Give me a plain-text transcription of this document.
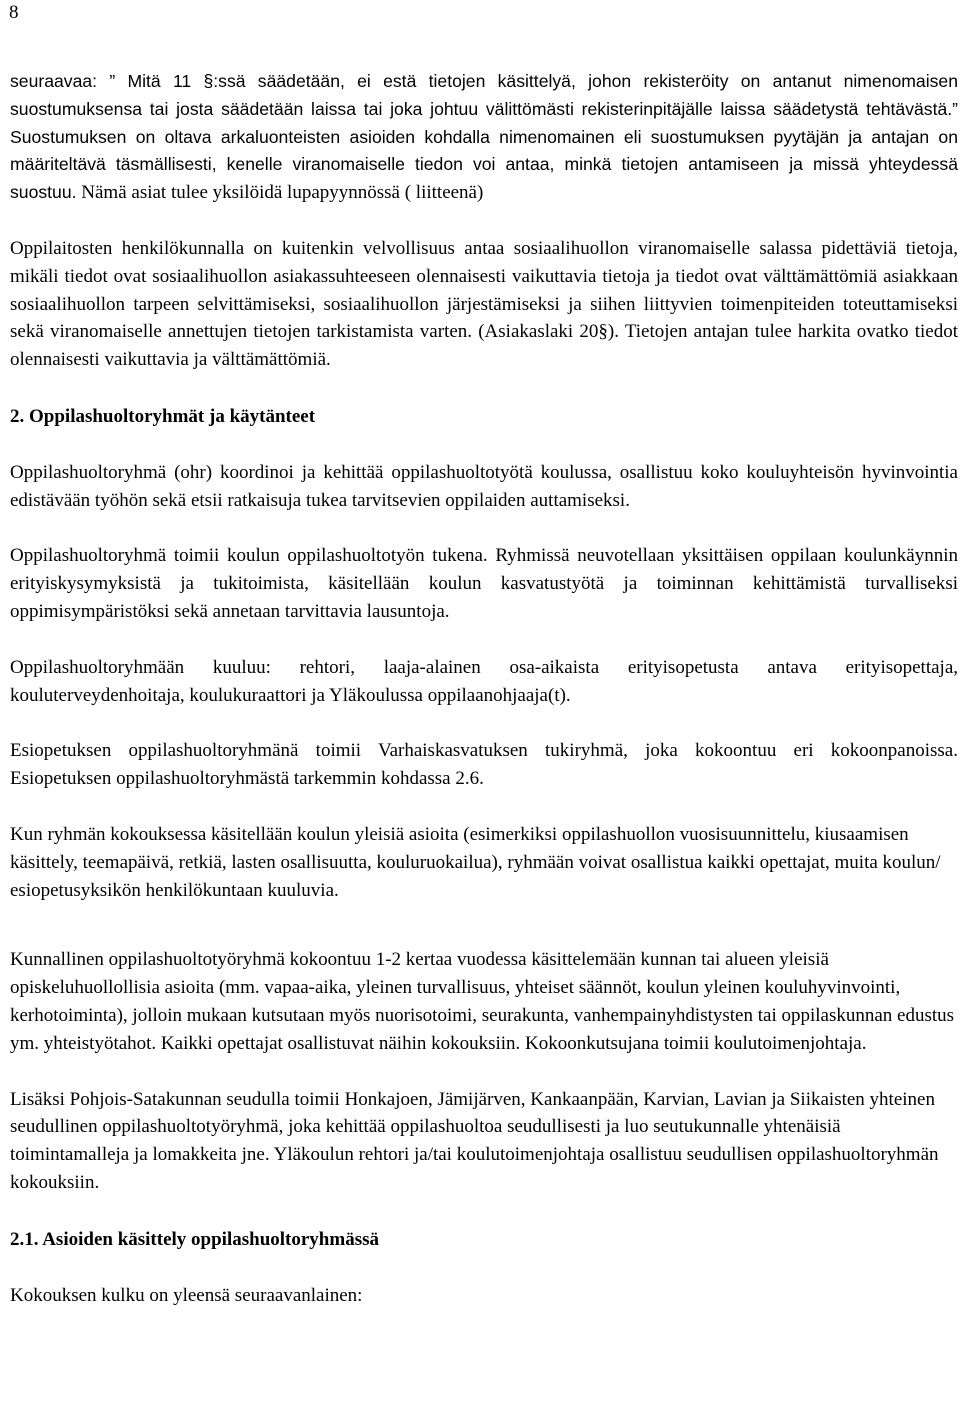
8

seuraavaa: ” Mitä 11 §:ssä säädetään, ei estä tietojen käsittelyä, johon rekisteröity on antanut nimenomaisen suostumuksensa tai josta säädetään laissa tai joka johtuu välittömästi rekisterinpitäjälle laissa säädetystä tehtävästä.” Suostumuksen on oltava arkaluonteisten asioiden kohdalla nimenomainen eli suostumuksen pyytäjän ja antajan on määriteltävä täsmällisesti, kenelle viranomaiselle tiedon voi antaa, minkä tietojen antamiseen ja missä yhteydessä suostuu. Nämä asiat tulee yksilöidä lupapyynnössä ( liitteenä)

Oppilaitosten henkilökunnalla on kuitenkin velvollisuus antaa sosiaalihuollon viranomaiselle salassa pidettäviä tietoja, mikäli tiedot ovat sosiaalihuollon asiakassuhteeseen olennaisesti vaikuttavia tietoja ja tiedot ovat välttämättömiä asiakkaan sosiaalihuollon tarpeen selvittämiseksi, sosiaalihuollon järjestämiseksi ja siihen liittyvien toimenpiteiden toteuttamiseksi sekä viranomaiselle annettujen tietojen tarkistamista varten. (Asiakaslaki 20§). Tietojen antajan tulee harkita ovatko tiedot olennaisesti vaikuttavia ja välttämättömiä.

2. Oppilashuoltoryhmät ja käytänteet

Oppilashuoltoryhmä (ohr) koordinoi ja kehittää oppilashuoltotyötä koulussa, osallistuu koko kouluyhteisön hyvinvointia edistävään työhön sekä etsii ratkaisuja tukea tarvitsevien oppilaiden auttamiseksi.

Oppilashuoltoryhmä toimii koulun oppilashuoltotyön tukena. Ryhmissä neuvotellaan yksittäisen oppilaan koulunkäynnin erityiskysymyksistä ja tukitoimista, käsitellään koulun kasvatustyötä ja toiminnan kehittämistä turvalliseksi oppimisympäristöksi sekä annetaan tarvittavia lausuntoja.

Oppilashuoltoryhmään kuuluu: rehtori, laaja-alainen osa-aikaista erityisopetusta antava erityisopettaja, kouluterveydenhoitaja, koulukuraattori ja Yläkoulussa oppilaanohjaaja(t).

Esiopetuksen oppilashuoltoryhmänä toimii Varhaiskasvatuksen tukiryhmä, joka kokoontuu eri kokoonpanoissa. Esiopetuksen oppilashuoltoryhmästä tarkemmin kohdassa 2.6.

Kun ryhmän kokouksessa käsitellään koulun yleisiä asioita (esimerkiksi oppilashuollon vuosisuunnittelu, kiusaamisen käsittely, teemapäivä, retkiä, lasten osallisuutta, kouluruokailua), ryhmään voivat osallistua kaikki opettajat, muita koulun/ esiopetusyksikön henkilökuntaan kuuluvia.

Kunnallinen oppilashuoltotyöryhmä kokoontuu 1-2 kertaa vuodessa käsittelemään kunnan tai alueen yleisiä opiskeluhuollollisia asioita (mm. vapaa-aika, yleinen turvallisuus, yhteiset säännöt, koulun yleinen kouluhyvinvointi, kerhotoiminta), jolloin mukaan kutsutaan myös nuorisotoimi, seurakunta, vanhempainyhdistysten tai oppilaskunnan edustus ym. yhteistyötahot. Kaikki opettajat osallistuvat näihin kokouksiin. Kokoonkutsujana toimii koulutoimenjohtaja.

Lisäksi Pohjois-Satakunnan seudulla toimii Honkajoen, Jämijärven, Kankaanpään, Karvian, Lavian ja Siikaisten yhteinen seudullinen oppilashuoltotyöryhmä, joka kehittää oppilashuoltoa seudullisesti ja luo seutukunnalle yhtenäisiä toimintamalleja ja lomakkeita jne. Yläkoulun rehtori ja/tai koulutoimenjohtaja osallistuu seudullisen oppilashuoltoryhmän kokouksiin.

2.1. Asioiden käsittely oppilashuoltoryhmässä

Kokouksen kulku on yleensä seuraavanlainen:
